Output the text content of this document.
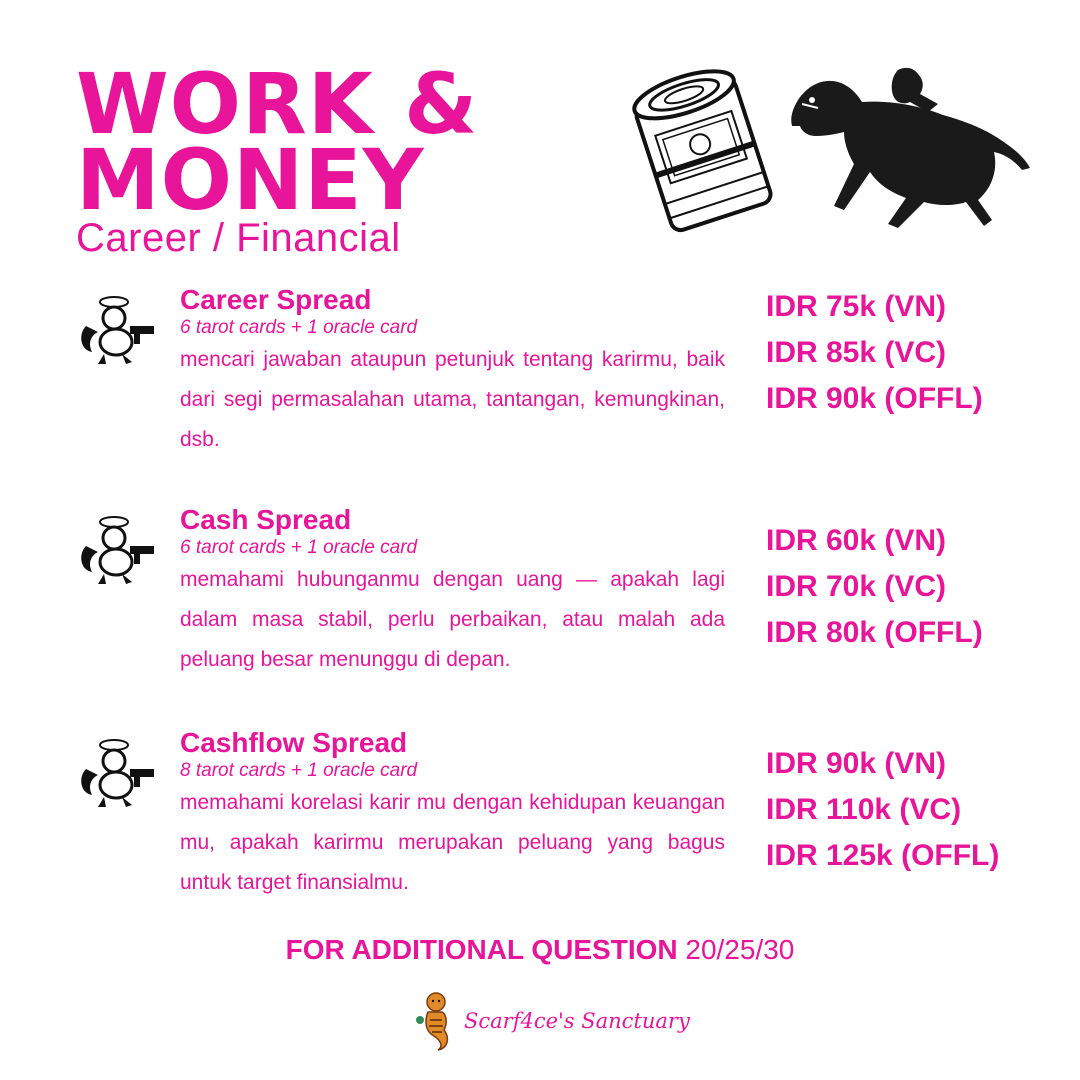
WORK &
MONEY
Career / Financial
Career Spread
6 tarot cards + 1 oracle card
mencari jawaban ataupun petunjuk tentang karirmu, baik dari segi permasalahan utama, tantangan, kemungkinan, dsb.
IDR 75k (VN)
IDR 85k (VC)
IDR 90k (OFFL)
Cash Spread
6 tarot cards + 1 oracle card
memahami hubunganmu dengan uang — apakah lagi dalam masa stabil, perlu perbaikan, atau malah ada peluang besar menunggu di depan.
IDR 60k (VN)
IDR 70k (VC)
IDR 80k (OFFL)
Cashflow Spread
8 tarot cards + 1 oracle card
memahami korelasi karir mu dengan kehidupan keuangan mu, apakah karirmu merupakan peluang yang bagus untuk target finansialmu.
IDR 90k (VN)
IDR 110k (VC)
IDR 125k (OFFL)
FOR ADDITIONAL QUESTION 20/25/30
Scarf4ce's Sanctuary
